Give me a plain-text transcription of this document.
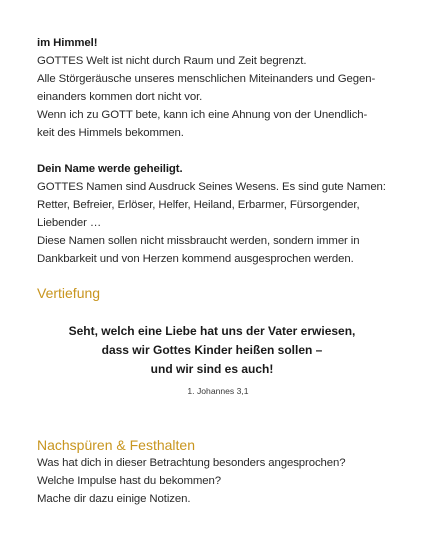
im Himmel!

GOTTES Welt ist nicht durch Raum und Zeit begrenzt.

Alle Störgeräusche unseres menschlichen Miteinanders und Gegen-

einanders kommen dort nicht vor.

Wenn ich zu GOTT bete, kann ich eine Ahnung von der Unendlich-

keit des Himmels bekommen.

Dein Name werde geheiligt.

GOTTES Namen sind Ausdruck Seines Wesens. Es sind gute Namen:

Retter, Befreier, Erlöser, Helfer, Heiland, Erbarmer, Fürsorgender,

Liebender …

Diese Namen sollen nicht missbraucht werden, sondern immer in

Dankbarkeit und von Herzen kommend ausgesprochen werden.

Vertiefung
Seht, welch eine Liebe hat uns der Vater erwiesen,
dass wir Gottes Kinder heißen sollen –
und wir sind es auch!
1. Johannes 3,1
Nachspüren & Festhalten

Was hat dich in dieser Betrachtung besonders angesprochen?

Welche Impulse hast du bekommen?

Mache dir dazu einige Notizen.
